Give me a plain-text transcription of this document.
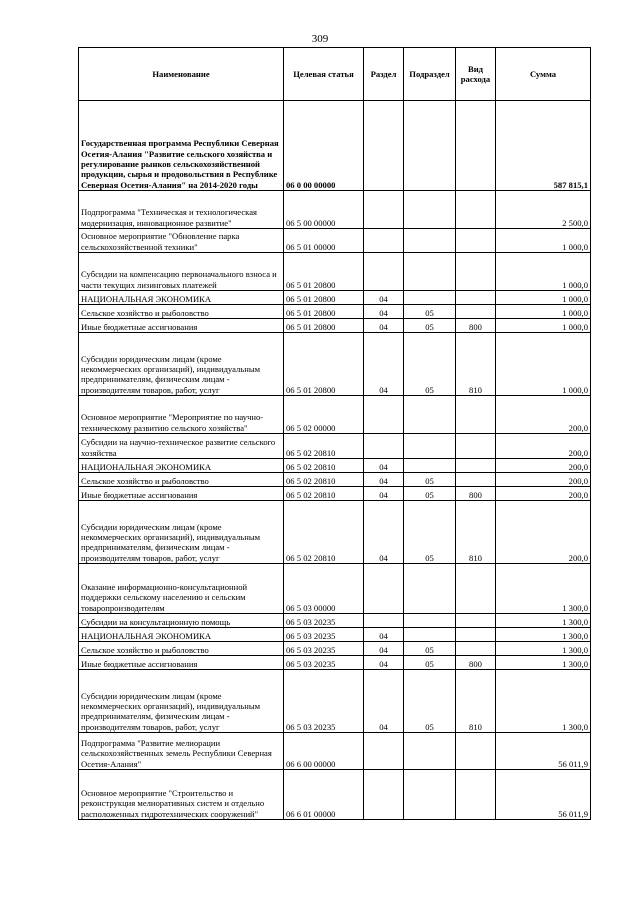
309
Наименование	Целевая статья	Раздел	Подраздел	Вид расхода	Сумма
Государственная программа Республики Северная Осетия-Алания "Развитие сельского хозяйства и регулирование рынков сельскохозяйственной продукции, сырья и продовольствия в Республике Северная Осетия-Алания" на 2014-2020 годы	06 0 00 00000				587 815,1
Подпрограмма "Техническая и технологическая модернизация, инновационное развитие"	06 5 00 00000				2 500,0
Основное мероприятие "Обновление парка сельскохозяйственной техники"	06 5 01 00000				1 000,0
Субсидии на компенсацию первоначального взноса и части текущих лизинговых платежей	06 5 01 20800				1 000,0
НАЦИОНАЛЬНАЯ ЭКОНОМИКА	06 5 01 20800	04			1 000,0
Сельское хозяйство и рыболовство	06 5 01 20800	04	05		1 000,0
Иные бюджетные ассигнования	06 5 01 20800	04	05	800	1 000,0
Субсидии юридическим лицам (кроме некоммерческих организаций), индивидуальным предпринимателям, физическим лицам - производителям товаров, работ, услуг	06 5 01 20800	04	05	810	1 000,0
Основное мероприятие "Мероприятие по научно-техническому развитию сельского хозяйства"	06 5 02 00000				200,0
Субсидии на научно-техническое развитие сельского хозяйства	06 5 02 20810				200,0
НАЦИОНАЛЬНАЯ ЭКОНОМИКА	06 5 02 20810	04			200,0
Сельское хозяйство и рыболовство	06 5 02 20810	04	05		200,0
Иные бюджетные ассигнования	06 5 02 20810	04	05	800	200,0
Субсидии юридическим лицам (кроме некоммерческих организаций), индивидуальным предпринимателям, физическим лицам - производителям товаров, работ, услуг	06 5 02 20810	04	05	810	200,0
Оказание информационно-консультационной поддержки сельскому населению и сельским товаропроизводителям	06 5 03 00000				1 300,0
Субсидии на консультационную помощь	06 5 03 20235				1 300,0
НАЦИОНАЛЬНАЯ ЭКОНОМИКА	06 5 03 20235	04			1 300,0
Сельское хозяйство и рыболовство	06 5 03 20235	04	05		1 300,0
Иные бюджетные ассигнования	06 5 03 20235	04	05	800	1 300,0
Субсидии юридическим лицам (кроме некоммерческих организаций), индивидуальным предпринимателям, физическим лицам - производителям товаров, работ, услуг	06 5 03 20235	04	05	810	1 300,0
Подпрограмма "Развитие мелиорации сельскохозяйственных земель Республики Северная Осетия-Алания"	06 6 00 00000				56 011,9
Основное мероприятие "Строительство и реконструкция мелиоративных систем и отдельно расположенных гидротехнических сооружений"	06 6 01 00000				56 011,9
